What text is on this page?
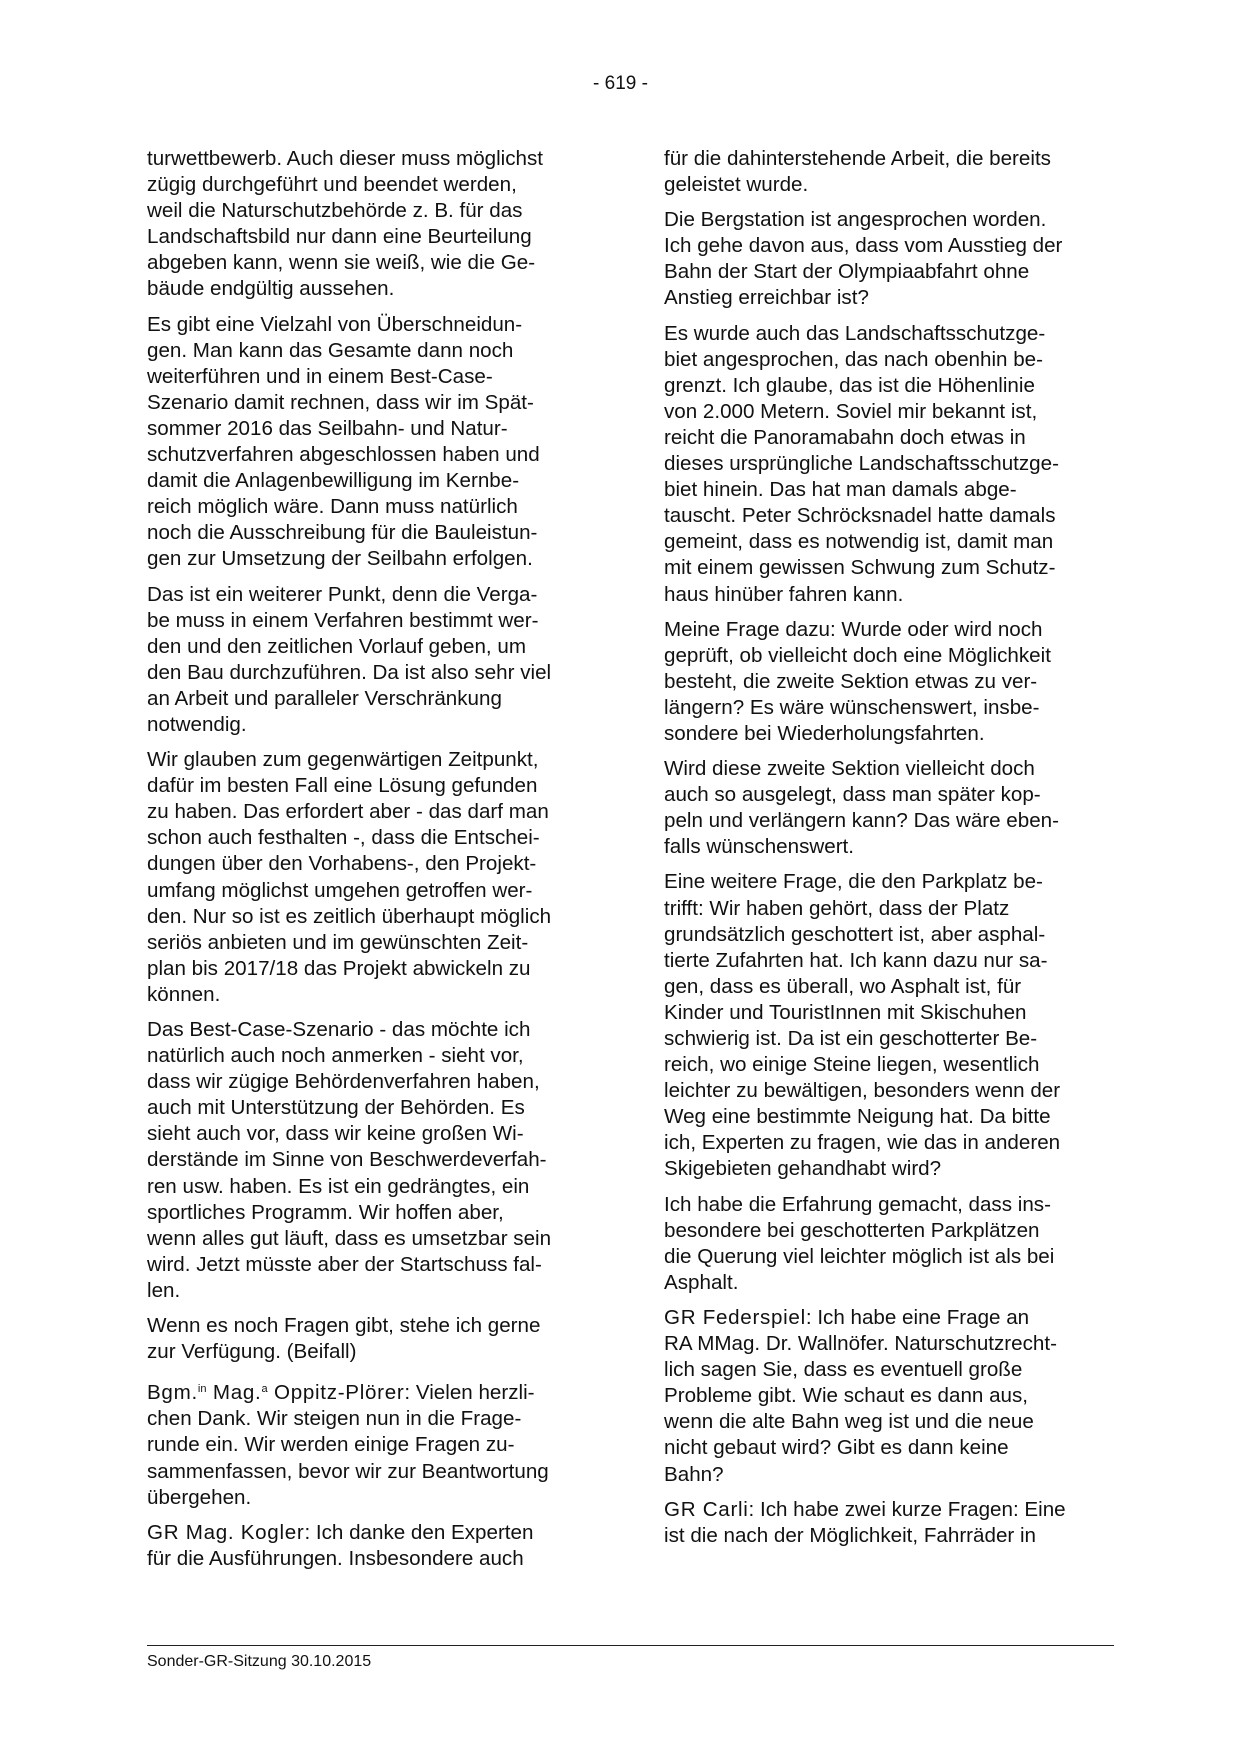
- 619 -

turwettbewerb. Auch dieser muss möglichst
zügig durchgeführt und beendet werden,
weil die Naturschutzbehörde z. B. für das
Landschaftsbild nur dann eine Beurteilung
abgeben kann, wenn sie weiß, wie die Ge-
bäude endgültig aussehen.

Es gibt eine Vielzahl von Überschneidun-
gen. Man kann das Gesamte dann noch
weiterführen und in einem Best-Case-
Szenario damit rechnen, dass wir im Spät-
sommer 2016 das Seilbahn- und Natur-
schutzverfahren abgeschlossen haben und
damit die Anlagenbewilligung im Kernbe-
reich möglich wäre. Dann muss natürlich
noch die Ausschreibung für die Bauleistun-
gen zur Umsetzung der Seilbahn erfolgen.

Das ist ein weiterer Punkt, denn die Verga-
be muss in einem Verfahren bestimmt wer-
den und den zeitlichen Vorlauf geben, um
den Bau durchzuführen. Da ist also sehr viel
an Arbeit und paralleler Verschränkung
notwendig.

Wir glauben zum gegenwärtigen Zeitpunkt,
dafür im besten Fall eine Lösung gefunden
zu haben. Das erfordert aber - das darf man
schon auch festhalten -, dass die Entschei-
dungen über den Vorhabens-, den Projekt-
umfang möglichst umgehen getroffen wer-
den. Nur so ist es zeitlich überhaupt möglich
seriös anbieten und im gewünschten Zeit-
plan bis 2017/18 das Projekt abwickeln zu
können.

Das Best-Case-Szenario - das möchte ich
natürlich auch noch anmerken - sieht vor,
dass wir zügige Behördenverfahren haben,
auch mit Unterstützung der Behörden. Es
sieht auch vor, dass wir keine großen Wi-
derstände im Sinne von Beschwerdeverfah-
ren usw. haben. Es ist ein gedrängtes, ein
sportliches Programm. Wir hoffen aber,
wenn alles gut läuft, dass es umsetzbar sein
wird. Jetzt müsste aber der Startschuss fal-
len.

Wenn es noch Fragen gibt, stehe ich gerne
zur Verfügung. (Beifall)

Bgm.$^{in}$ Mag.$^a$ Oppitz-Plörer: Vielen herzli-
chen Dank. Wir steigen nun in die Frage-
runde ein. Wir werden einige Fragen zu-
sammenfassen, bevor wir zur Beantwortung
übergehen.

GR Mag. Kogler: Ich danke den Experten
für die Ausführungen. Insbesondere auch

für die dahinterstehende Arbeit, die bereits
geleistet wurde.

Die Bergstation ist angesprochen worden.
Ich gehe davon aus, dass vom Ausstieg der
Bahn der Start der Olympiaabfahrt ohne
Anstieg erreichbar ist?

Es wurde auch das Landschaftsschutzge-
biet angesprochen, das nach obenhin be-
grenzt. Ich glaube, das ist die Höhenlinie
von 2.000 Metern. Soviel mir bekannt ist,
reicht die Panoramabahn doch etwas in
dieses ursprüngliche Landschaftsschutzge-
biet hinein. Das hat man damals abge-
tauscht. Peter Schröcksnadel hatte damals
gemeint, dass es notwendig ist, damit man
mit einem gewissen Schwung zum Schutz-
haus hinüber fahren kann.

Meine Frage dazu: Wurde oder wird noch
geprüft, ob vielleicht doch eine Möglichkeit
besteht, die zweite Sektion etwas zu ver-
längern? Es wäre wünschenswert, insbe-
sondere bei Wiederholungsfahrten.

Wird diese zweite Sektion vielleicht doch
auch so ausgelegt, dass man später kop-
peln und verlängern kann? Das wäre eben-
falls wünschenswert.

Eine weitere Frage, die den Parkplatz be-
trifft: Wir haben gehört, dass der Platz
grundsätzlich geschottert ist, aber asphal-
tierte Zufahrten hat. Ich kann dazu nur sa-
gen, dass es überall, wo Asphalt ist, für
Kinder und TouristInnen mit Skischuhen
schwierig ist. Da ist ein geschotterter Be-
reich, wo einige Steine liegen, wesentlich
leichter zu bewältigen, besonders wenn der
Weg eine bestimmte Neigung hat. Da bitte
ich, Experten zu fragen, wie das in anderen
Skigebieten gehandhabt wird?

Ich habe die Erfahrung gemacht, dass ins-
besondere bei geschotterten Parkplätzen
die Querung viel leichter möglich ist als bei
Asphalt.

GR Federspiel: Ich habe eine Frage an
RA MMag. Dr. Wallnöfer. Naturschutzrecht-
lich sagen Sie, dass es eventuell große
Probleme gibt. Wie schaut es dann aus,
wenn die alte Bahn weg ist und die neue
nicht gebaut wird? Gibt es dann keine
Bahn?

GR Carli: Ich habe zwei kurze Fragen: Eine
ist die nach der Möglichkeit, Fahrräder in

Sonder-GR-Sitzung 30.10.2015
